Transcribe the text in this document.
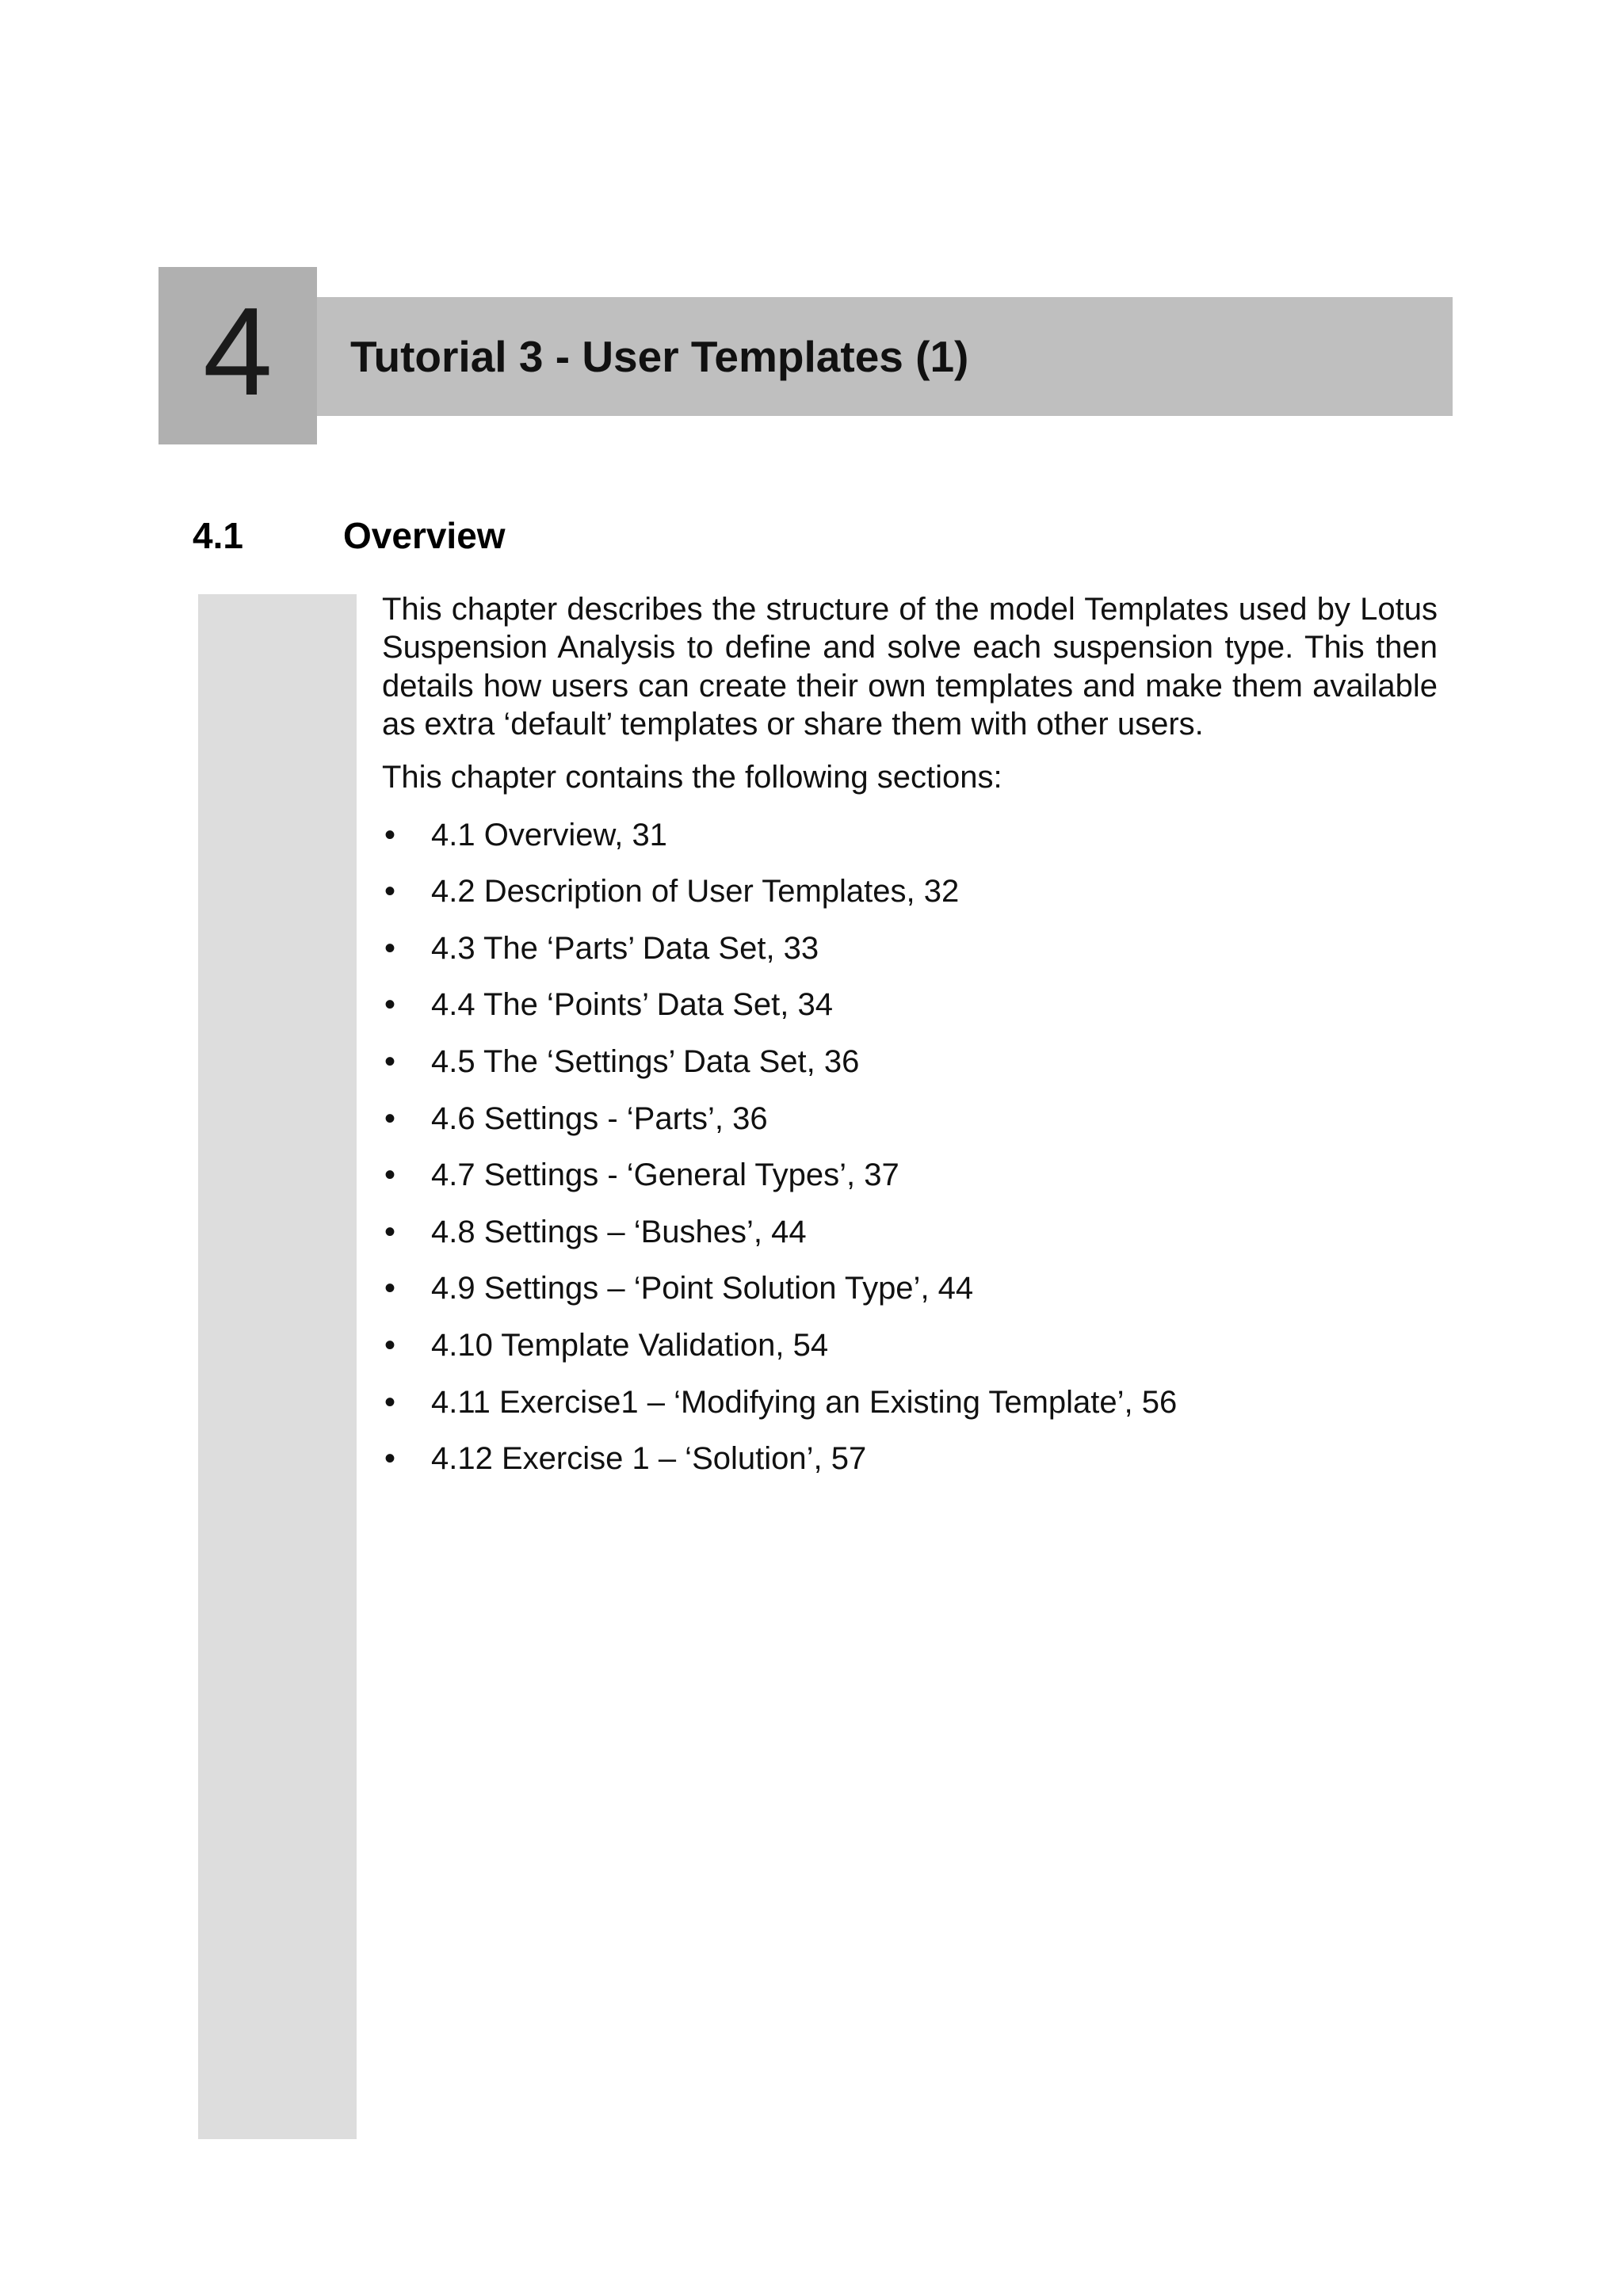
4	Tutorial 3 - User Templates (1)
4.1	Overview

This chapter describes the structure of the model Templates used by Lotus Suspension Analysis to define and solve each suspension type. This then details how users can create their own templates and make them available as extra ‘default’ templates or share them with other users.

This chapter contains the following sections:

• 4.1 Overview, 31
• 4.2 Description of User Templates, 32
• 4.3 The ‘Parts’ Data Set, 33
• 4.4 The ‘Points’ Data Set, 34
• 4.5 The ‘Settings’ Data Set, 36
• 4.6 Settings - ‘Parts’, 36
• 4.7 Settings - ‘General Types’, 37
• 4.8 Settings – ‘Bushes’, 44
• 4.9 Settings – ‘Point Solution Type’, 44
• 4.10 Template Validation, 54
• 4.11 Exercise1 – ‘Modifying an Existing Template’, 56
• 4.12 Exercise 1 – ‘Solution’, 57
